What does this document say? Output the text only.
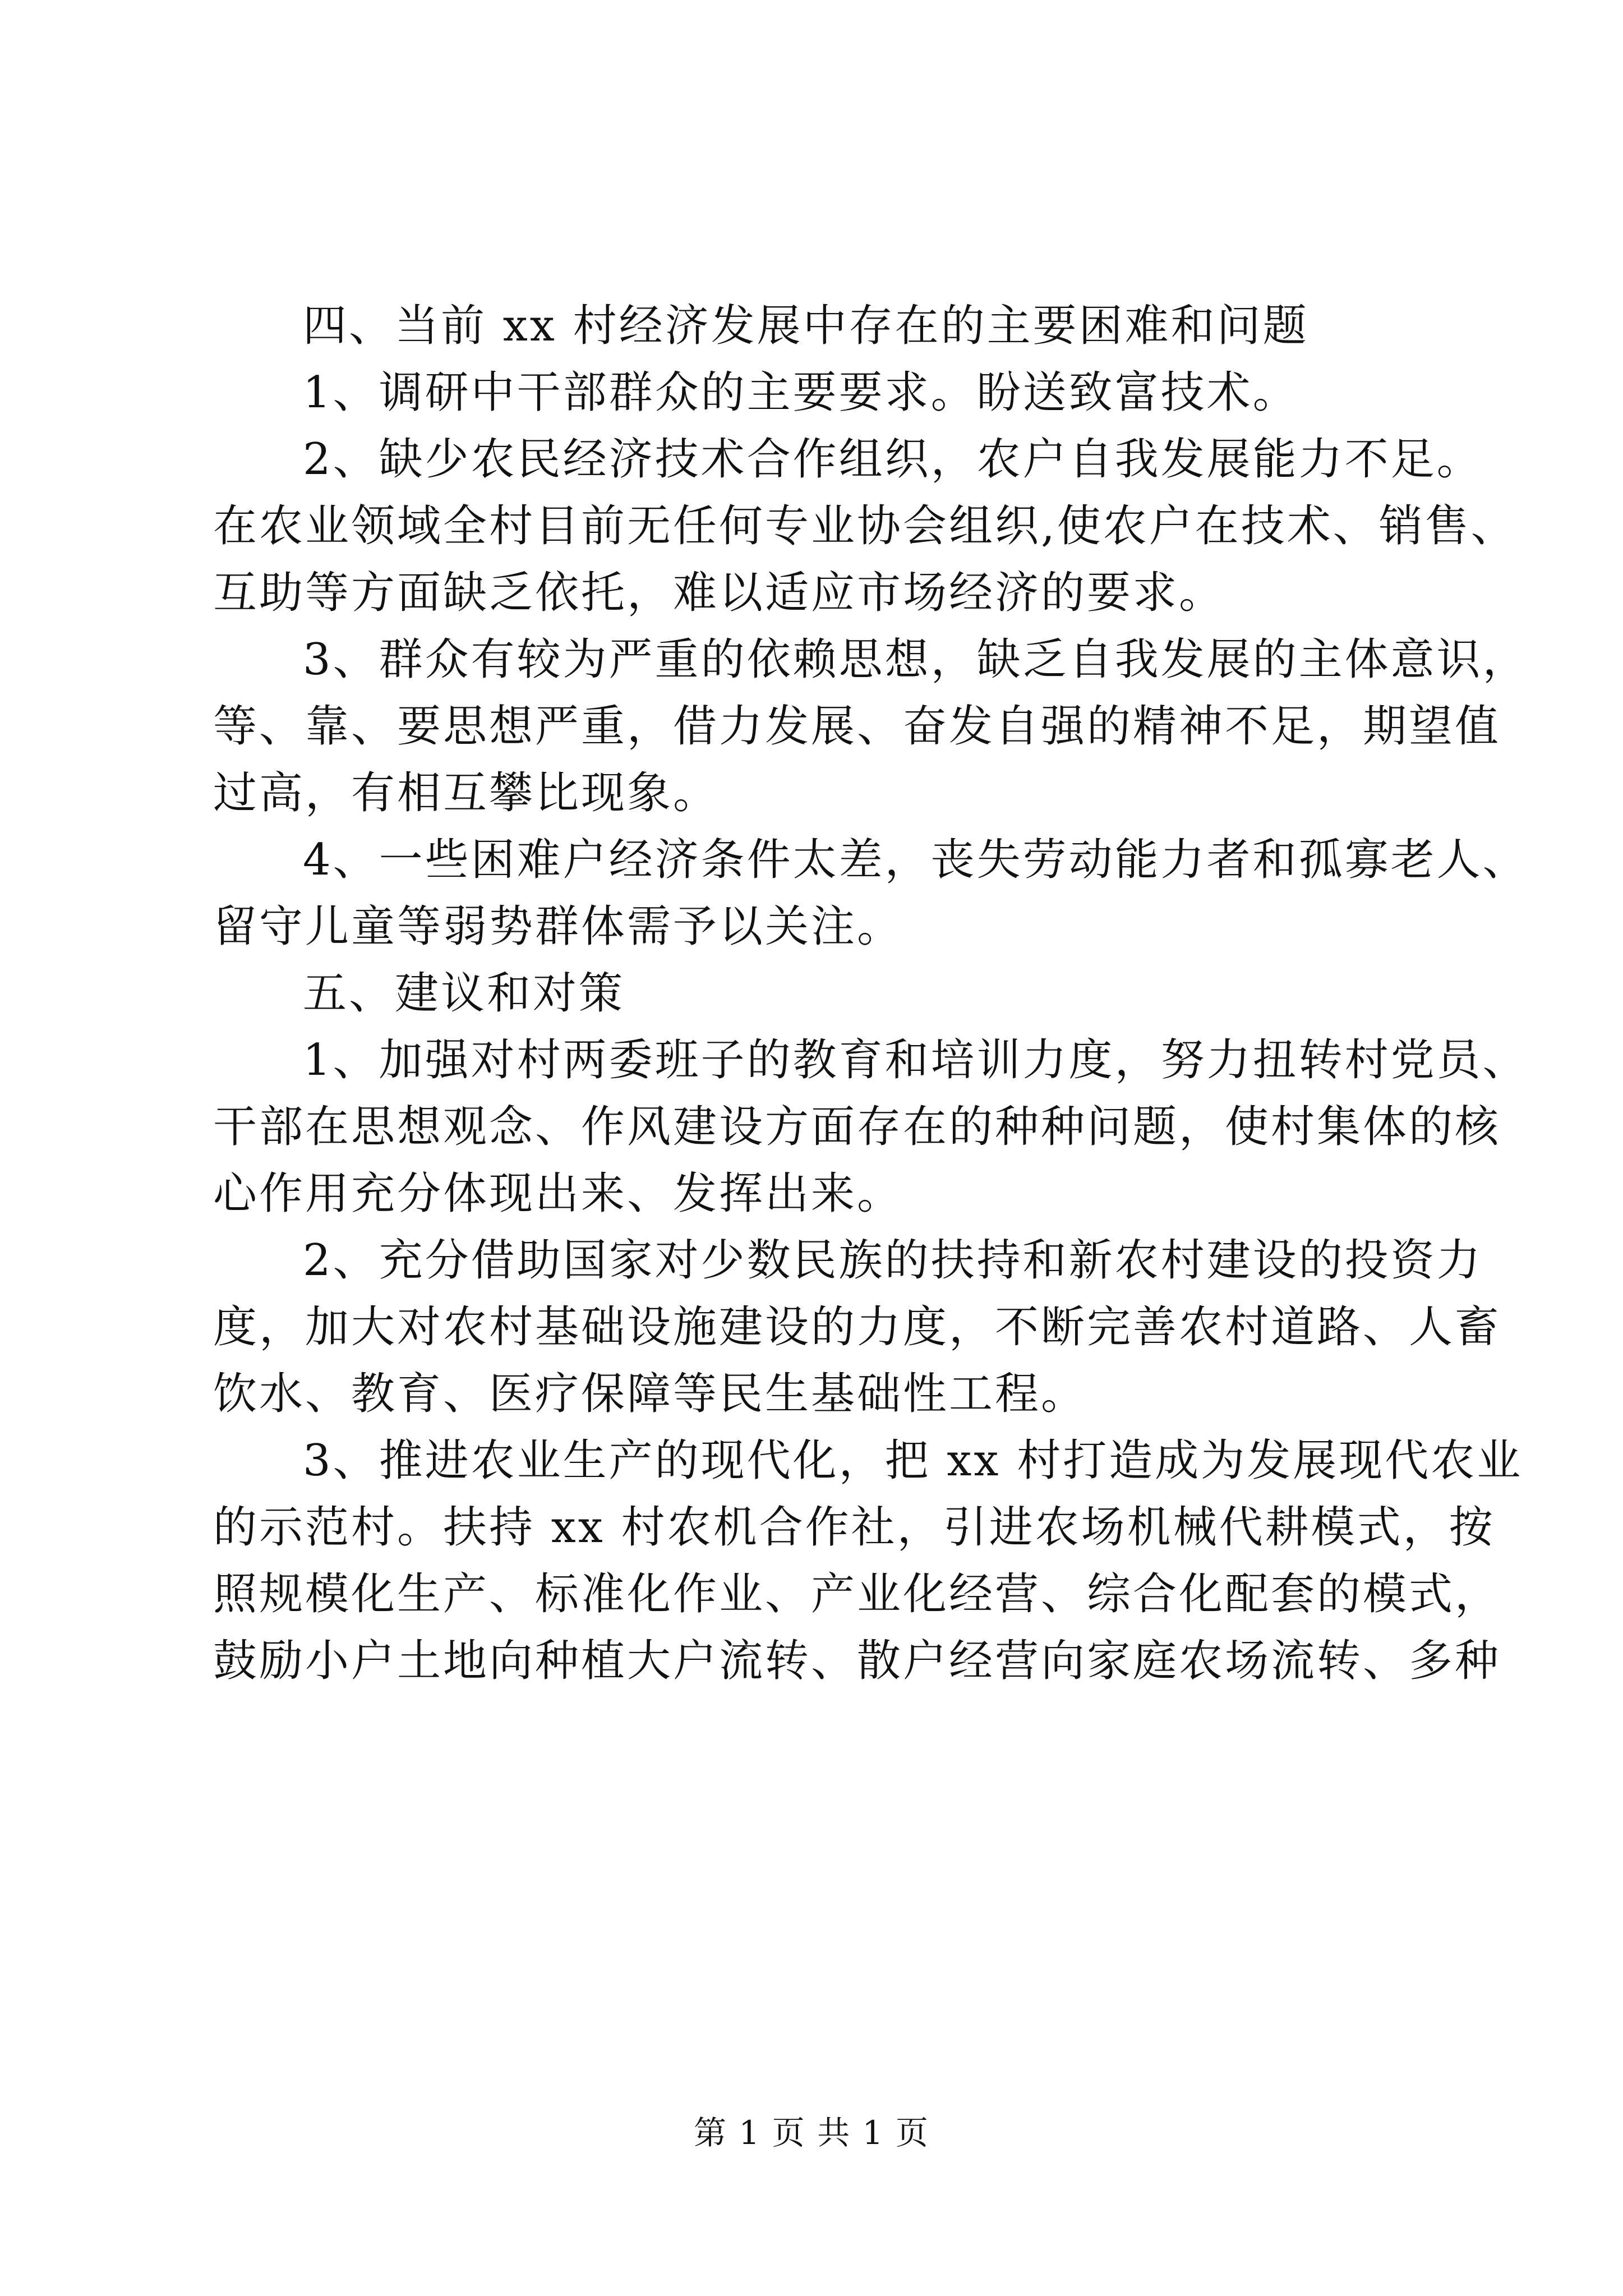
四、当前 xx 村经济发展中存在的主要困难和问题
1、调研中干部群众的主要要求。盼送致富技术。
2、缺少农民经济技术合作组织，农户自我发展能力不足。
在农业领域全村目前无任何专业协会组织,使农户在技术、销售、
互助等方面缺乏依托，难以适应市场经济的要求。
3、群众有较为严重的依赖思想，缺乏自我发展的主体意识，
等、靠、要思想严重，借力发展、奋发自强的精神不足，期望值
过高，有相互攀比现象。
4、一些困难户经济条件太差，丧失劳动能力者和孤寡老人、
留守儿童等弱势群体需予以关注。
五、建议和对策
1、加强对村两委班子的教育和培训力度，努力扭转村党员、
干部在思想观念、作风建设方面存在的种种问题，使村集体的核
心作用充分体现出来、发挥出来。
2、充分借助国家对少数民族的扶持和新农村建设的投资力
度，加大对农村基础设施建设的力度，不断完善农村道路、人畜
饮水、教育、医疗保障等民生基础性工程。
3、推进农业生产的现代化，把 xx 村打造成为发展现代农业
的示范村。扶持 xx 村农机合作社，引进农场机械代耕模式，按
照规模化生产、标准化作业、产业化经营、综合化配套的模式，
鼓励小户土地向种植大户流转、散户经营向家庭农场流转、多种
第 1 页 共 1 页
